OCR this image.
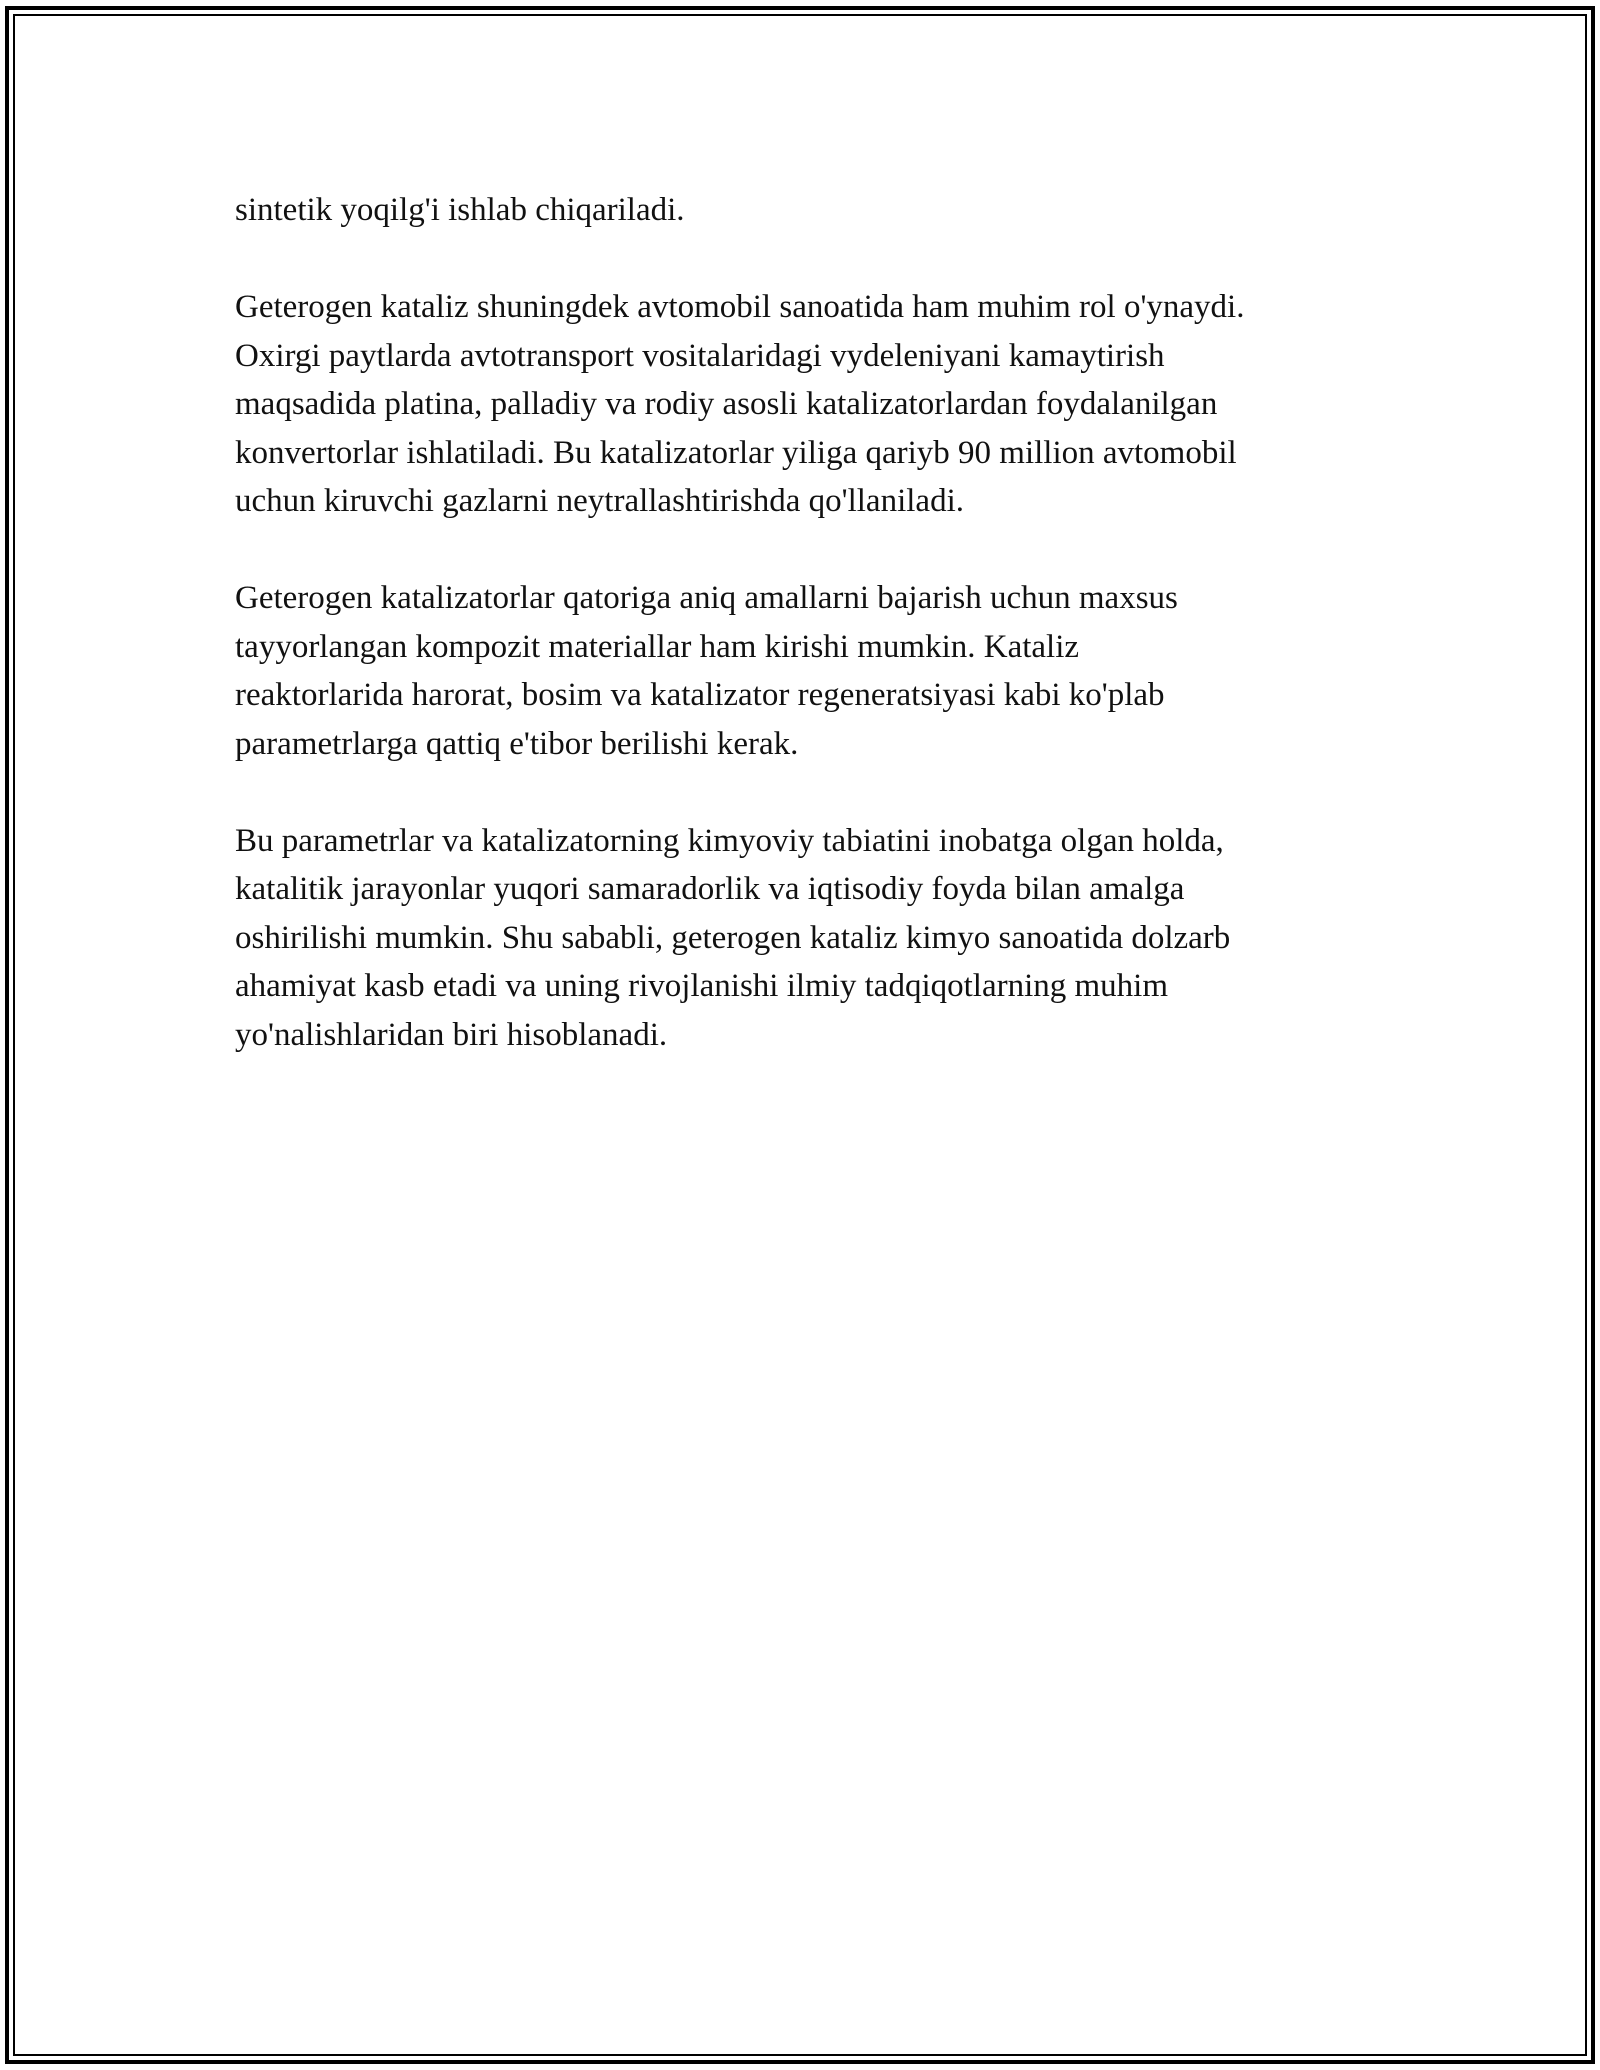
sintetik yoqilg'i ishlab chiqariladi.

Geterogen kataliz shuningdek avtomobil sanoatida ham muhim rol o'ynaydi.
Oxirgi paytlarda avtotransport vositalaridagi vydeleniyani kamaytirish
maqsadida platina, palladiy va rodiy asosli katalizatorlardan foydalanilgan
konvertorlar ishlatiladi. Bu katalizatorlar yiliga qariyb 90 million avtomobil
uchun kiruvchi gazlarni neytrallashtirishda qo'llaniladi.

Geterogen katalizatorlar qatoriga aniq amallarni bajarish uchun maxsus
tayyorlangan kompozit materiallar ham kirishi mumkin. Kataliz
reaktorlarida harorat, bosim va katalizator regeneratsiyasi kabi ko'plab
parametrlarga qattiq e'tibor berilishi kerak.

Bu parametrlar va katalizatorning kimyoviy tabiatini inobatga olgan holda,
katalitik jarayonlar yuqori samaradorlik va iqtisodiy foyda bilan amalga
oshirilishi mumkin. Shu sababli, geterogen kataliz kimyo sanoatida dolzarb
ahamiyat kasb etadi va uning rivojlanishi ilmiy tadqiqotlarning muhim
yo'nalishlaridan biri hisoblanadi.
